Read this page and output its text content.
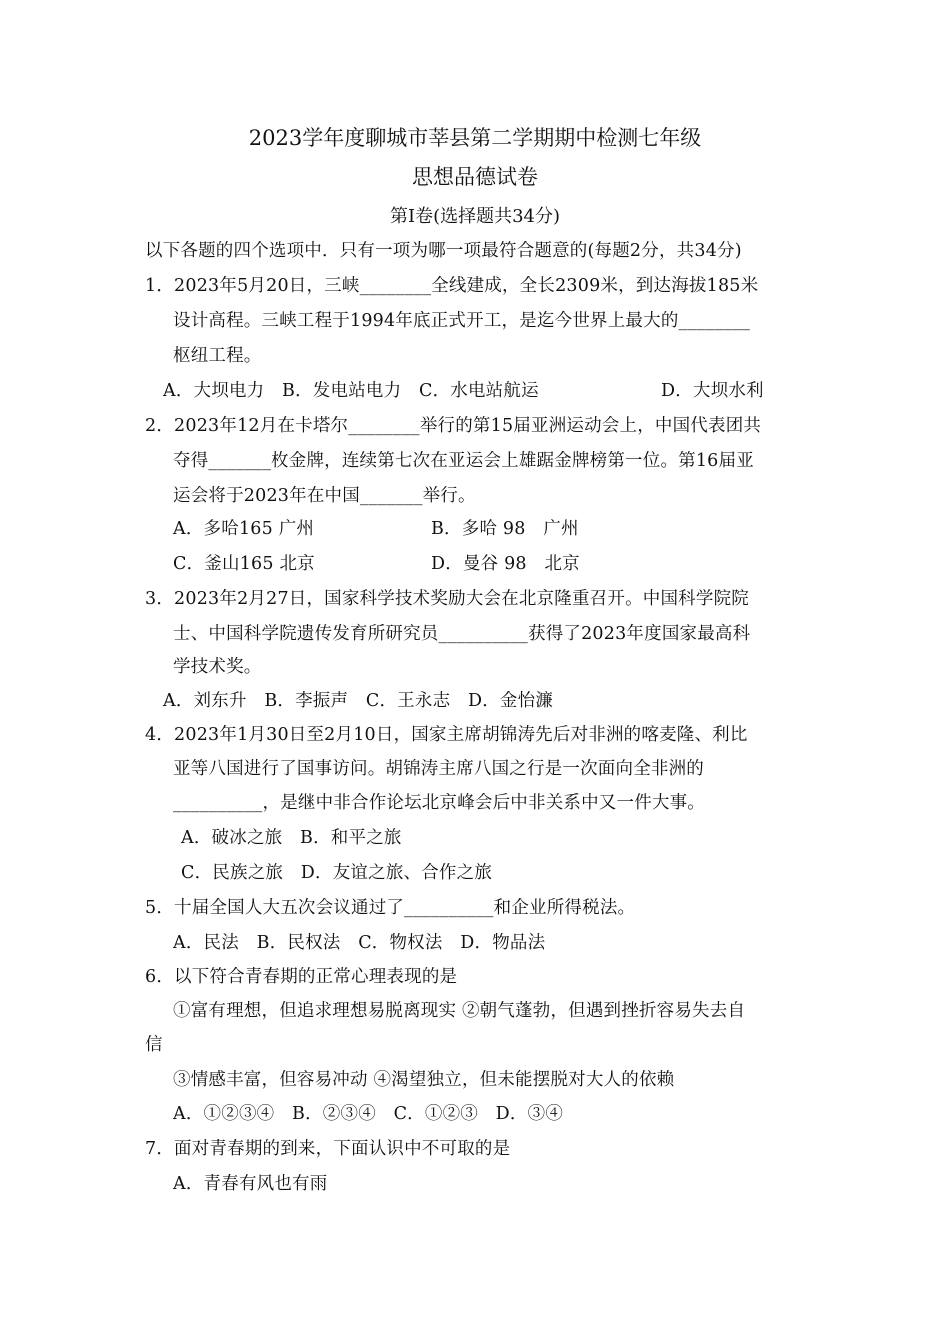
2023学年度聊城市莘县第二学期期中检测七年级
思想品德试卷
第Ⅰ卷(选择题共34分)
以下各题的四个选项中．只有一项为哪一项最符合题意的(每题2分，共34分)
1．2023年5月20日，三峡________全线建成，全长2309米，到达海拔185米
设计高程。三峡工程于1994年底正式开工，是迄今世界上最大的________
枢纽工程。
A．大坝电力　B．发电站电力　C．水电站航运	D．大坝水利
2．2023年12月在卡塔尔________举行的第15届亚洲运动会上，中国代表团共
夺得_______枚金牌，连续第七次在亚运会上雄踞金牌榜第一位。第16届亚
运会将于2023年在中国_______举行。
A．多哈165 广州	B．多哈 98　广州
C．釜山165 北京	D．曼谷 98　北京
3．2023年2月27日，国家科学技术奖励大会在北京隆重召开。中国科学院院
士、中国科学院遗传发育所研究员__________获得了2023年度国家最高科
学技术奖。
A．刘东升　B．李振声　C．王永志　D．金怡濂
4．2023年1月30日至2月10日，国家主席胡锦涛先后对非洲的喀麦隆、利比
亚等八国进行了国事访问。胡锦涛主席八国之行是一次面向全非洲的
__________，是继中非合作论坛北京峰会后中非关系中又一件大事。
A．破冰之旅　B．和平之旅
C．民族之旅　D．友谊之旅、合作之旅
5．十届全国人大五次会议通过了__________和企业所得税法。
A．民法　B．民权法　C．物权法　D．物品法
6．以下符合青春期的正常心理表现的是
①富有理想，但追求理想易脱离现实 ②朝气蓬勃，但遇到挫折容易失去自
信
③情感丰富，但容易冲动 ④渴望独立，但未能摆脱对大人的依赖
A．①②③④　B．②③④　C．①②③　D．③④
7．面对青春期的到来，下面认识中不可取的是
A．青春有风也有雨
